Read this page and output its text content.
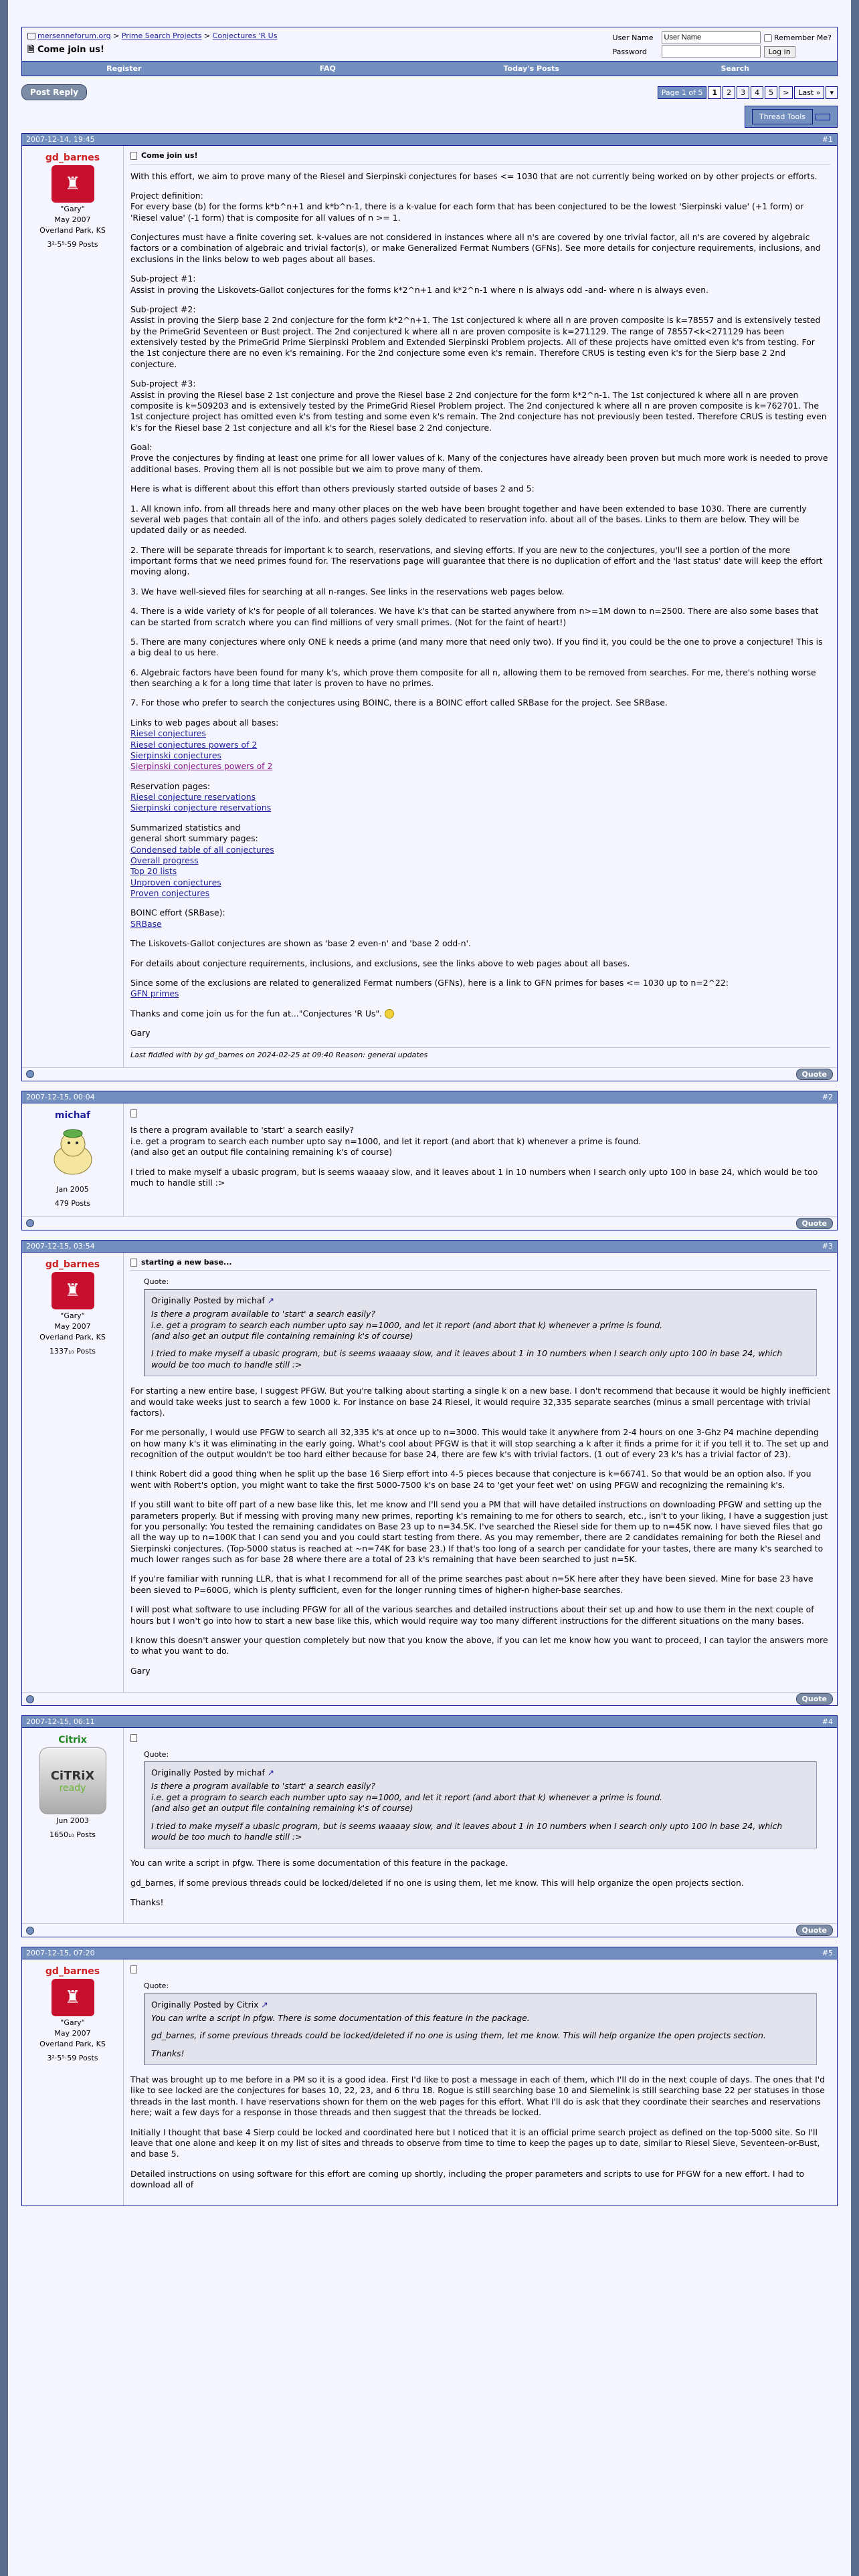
mersenneforum.org > Prime Search Projects > Conjectures 'R Us
🗎 Come join us!
User Name
User Name	Remember Me?
Password	Log in
Register	FAQ	Today's Posts	Search
Post Reply	Page 1 of 5	1	2	3	4	5	>	Last »	▾
Thread Tools
2007-12-14, 19:45	#1
gd_barnes
♜
"Gary"
May 2007
Overland Park, KS
3²·5⁵·59 Posts
Come join us!

With this effort, we aim to prove many of the Riesel and Sierpinski conjectures for bases <= 1030 that are not currently being worked on by other projects or efforts.

Project definition:
For every base (b) for the forms k*b^n+1 and k*b^n-1, there is a k-value for each form that has been conjectured to be the lowest 'Sierpinski value' (+1 form) or 'Riesel value' (-1 form) that is composite for all values of n >= 1.

Conjectures must have a finite covering set. k-values are not considered in instances where all n's are covered by one trivial factor, all n's are covered by algebraic factors or a combination of algebraic and trivial factor(s), or make Generalized Fermat Numbers (GFNs). See more details for conjecture requirements, inclusions, and exclusions in the links below to web pages about all bases.

Sub-project #1:
Assist in proving the Liskovets-Gallot conjectures for the forms k*2^n+1 and k*2^n-1 where n is always odd -and- where n is always even.

Sub-project #2:
Assist in proving the Sierp base 2 2nd conjecture for the form k*2^n+1. The 1st conjectured k where all n are proven composite is k=78557 and is extensively tested by the PrimeGrid Seventeen or Bust project. The 2nd conjectured k where all n are proven composite is k=271129. The range of 78557<k<271129 has been extensively tested by the PrimeGrid Prime Sierpinski Problem and Extended Sierpinski Problem projects. All of these projects have omitted even k's from testing. For the 1st conjecture there are no even k's remaining. For the 2nd conjecture some even k's remain. Therefore CRUS is testing even k's for the Sierp base 2 2nd conjecture.

Sub-project #3:
Assist in proving the Riesel base 2 1st conjecture and prove the Riesel base 2 2nd conjecture for the form k*2^n-1. The 1st conjectured k where all n are proven composite is k=509203 and is extensively tested by the PrimeGrid Riesel Problem project. The 2nd conjectured k where all n are proven composite is k=762701. The 1st conjecture project has omitted even k's from testing and some even k's remain. The 2nd conjecture has not previously been tested. Therefore CRUS is testing even k's for the Riesel base 2 1st conjecture and all k's for the Riesel base 2 2nd conjecture.

Goal:
Prove the conjectures by finding at least one prime for all lower values of k. Many of the conjectures have already been proven but much more work is needed to prove additional bases. Proving them all is not possible but we aim to prove many of them.

Here is what is different about this effort than others previously started outside of bases 2 and 5:

1. All known info. from all threads here and many other places on the web have been brought together and have been extended to base 1030. There are currently several web pages that contain all of the info. and others pages solely dedicated to reservation info. about all of the bases. Links to them are below. They will be updated daily or as needed.

2. There will be separate threads for important k to search, reservations, and sieving efforts. If you are new to the conjectures, you'll see a portion of the more important forms that we need primes found for. The reservations page will guarantee that there is no duplication of effort and the 'last status' date will keep the effort moving along.

3. We have well-sieved files for searching at all n-ranges. See links in the reservations web pages below.

4. There is a wide variety of k's for people of all tolerances. We have k's that can be started anywhere from n>=1M down to n=2500. There are also some bases that can be started from scratch where you can find millions of very small primes. (Not for the faint of heart!)

5. There are many conjectures where only ONE k needs a prime (and many more that need only two). If you find it, you could be the one to prove a conjecture! This is a big deal to us here.

6. Algebraic factors have been found for many k's, which prove them composite for all n, allowing them to be removed from searches. For me, there's nothing worse then searching a k for a long time that later is proven to have no primes.

7. For those who prefer to search the conjectures using BOINC, there is a BOINC effort called SRBase for the project. See SRBase.

Links to web pages about all bases:
Riesel conjectures
Riesel conjectures powers of 2
Sierpinski conjectures
Sierpinski conjectures powers of 2
Reservation pages:
Riesel conjecture reservations
Sierpinski conjecture reservations
Summarized statistics and
general short summary pages:
Condensed table of all conjectures
Overall progress
Top 20 lists
Unproven conjectures
Proven conjectures
BOINC effort (SRBase):
SRBase

The Liskovets-Gallot conjectures are shown as 'base 2 even-n' and 'base 2 odd-n'.

For details about conjecture requirements, inclusions, and exclusions, see the links above to web pages about all bases.

Since some of the exclusions are related to generalized Fermat numbers (GFNs), here is a link to GFN primes for bases <= 1030 up to n=2^22:

GFN primes

Thanks and come join us for the fun at..."Conjectures 'R Us".

Gary

Last fiddled with by gd_barnes on 2024-02-25 at 09:40 Reason: general updates
Quote
2007-12-15, 00:04	#2
michaf
Jan 2005
479 Posts

Is there a program available to 'start' a search easily?
i.e. get a program to search each number upto say n=1000, and let it report (and abort that k) whenever a prime is found.
(and also get an output file containing remaining k's of course)

I tried to make myself a ubasic program, but is seems waaaay slow, and it leaves about 1 in 10 numbers when I search only upto 100 in base 24, which would be too much to handle still :>

Quote
2007-12-15, 03:54	#3
gd_barnes
♜
"Gary"
May 2007
Overland Park, KS
1337₁₀ Posts
starting a new base...
Quote:
Originally Posted by michaf ↗
Is there a program available to 'start' a search easily?
i.e. get a program to search each number upto say n=1000, and let it report (and abort that k) whenever a prime is found.
(and also get an output file containing remaining k's of course)
I tried to make myself a ubasic program, but is seems waaaay slow, and it leaves about 1 in 10 numbers when I search only upto 100 in base 24, which would be too much to handle still :>

For starting a new entire base, I suggest PFGW. But you're talking about starting a single k on a new base. I don't recommend that because it would be highly inefficient and would take weeks just to search a few 1000 k. For instance on base 24 Riesel, it would require 32,335 separate searches (minus a small percentage with trivial factors).

For me personally, I would use PFGW to search all 32,335 k's at once up to n=3000. This would take it anywhere from 2-4 hours on one 3-Ghz P4 machine depending on how many k's it was eliminating in the early going. What's cool about PFGW is that it will stop searching a k after it finds a prime for it if you tell it to. The set up and recognition of the output wouldn't be too hard either because for base 24, there are few k's with trivial factors. (1 out of every 23 k's has a trivial factor of 23).

I think Robert did a good thing when he split up the base 16 Sierp effort into 4-5 pieces because that conjecture is k=66741. So that would be an option also. If you went with Robert's option, you might want to take the first 5000-7500 k's on base 24 to 'get your feet wet' on using PFGW and recognizing the remaining k's.

If you still want to bite off part of a new base like this, let me know and I'll send you a PM that will have detailed instructions on downloading PFGW and setting up the parameters properly. But if messing with proving many new primes, reporting k's remaining to me for others to search, etc., isn't to your liking, I have a suggestion just for you personally: You tested the remaining candidates on Base 23 up to n=34.5K. I've searched the Riesel side for them up to n=45K now. I have sieved files that go all the way up to n=100K that I can send you and you could start testing from there. As you may remember, there are 2 candidates remaining for both the Riesel and Sierpinski conjectures. (Top-5000 status is reached at ~n=74K for base 23.) If that's too long of a search per candidate for your tastes, there are many k's searched to much lower ranges such as for base 28 where there are a total of 23 k's remaining that have been searched to just n=5K.

If you're familiar with running LLR, that is what I recommend for all of the prime searches past about n=5K here after they have been sieved. Mine for base 23 have been sieved to P=600G, which is plenty sufficient, even for the longer running times of higher-n higher-base searches.

I will post what software to use including PFGW for all of the various searches and detailed instructions about their set up and how to use them in the next couple of hours but I won't go into how to start a new base like this, which would require way too many different instructions for the different situations on the many bases.

I know this doesn't answer your question completely but now that you know the above, if you can let me know how you want to proceed, I can taylor the answers more to what you want to do.

Gary

Quote
2007-12-15, 06:11	#4
Citrix
CiTRiX
ready
Jun 2003
1650₁₀ Posts
Quote:
Originally Posted by michaf ↗
Is there a program available to 'start' a search easily?
i.e. get a program to search each number upto say n=1000, and let it report (and abort that k) whenever a prime is found.
(and also get an output file containing remaining k's of course)
I tried to make myself a ubasic program, but is seems waaaay slow, and it leaves about 1 in 10 numbers when I search only upto 100 in base 24, which would be too much to handle still :>

You can write a script in pfgw. There is some documentation of this feature in the package.

gd_barnes, if some previous threads could be locked/deleted if no one is using them, let me know. This will help organize the open projects section.

Thanks!

Quote
2007-12-15, 07:20	#5
gd_barnes
♜
"Gary"
May 2007
Overland Park, KS
3²·5⁵·59 Posts
Quote:
Originally Posted by Citrix ↗
You can write a script in pfgw. There is some documentation of this feature in the package.
gd_barnes, if some previous threads could be locked/deleted if no one is using them, let me know. This will help organize the open projects section.
Thanks!

That was brought up to me before in a PM so it is a good idea. First I'd like to post a message in each of them, which I'll do in the next couple of days. The ones that I'd like to see locked are the conjectures for bases 10, 22, 23, and 6 thru 18. Rogue is still searching base 10 and Siemelink is still searching base 22 per statuses in those threads in the last month. I have reservations shown for them on the web pages for this effort. What I'll do is ask that they coordinate their searches and reservations here; wait a few days for a response in those threads and then suggest that the threads be locked.

Initially I thought that base 4 Sierp could be locked and coordinated here but I noticed that it is an official prime search project as defined on the top-5000 site. So I'll leave that one alone and keep it on my list of sites and threads to observe from time to time to keep the pages up to date, similar to Riesel Sieve, Seventeen-or-Bust, and base 5.

Detailed instructions on using software for this effort are coming up shortly, including the proper parameters and scripts to use for PFGW for a new effort. I had to download all of
